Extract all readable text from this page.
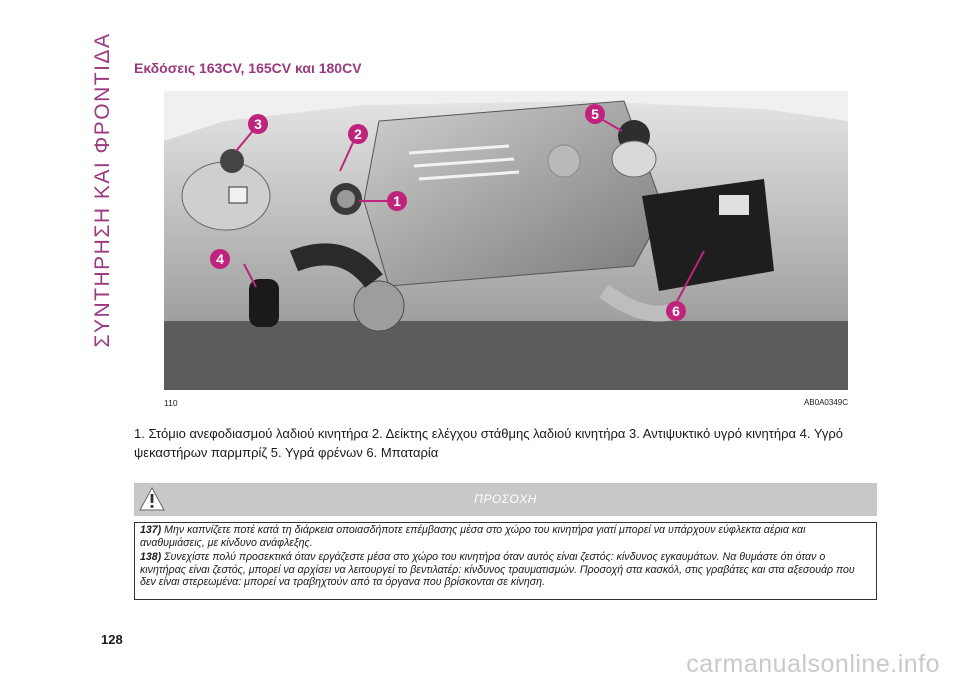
ΣΥΝΤΗΡΗΣΗ ΚΑΙ ΦΡΟΝΤΙΔΑ Εκδόσεις 163CV, 165CV και 180CV
1
2
3
4
5
6
110	AB0A0349C
1. Στόμιο ανεφοδιασμού λαδιού κινητήρα 2. Δείκτης ελέγχου στάθμης λαδιού κινητήρα 3. Αντιψυκτικό υγρό κινητήρα 4. Υγρό ψεκαστήρων παρμπρίζ 5. Υγρά φρένων 6. Μπαταρία
ΠΡΟΣΟΧΗ

137) Μην καπνίζετε ποτέ κατά τη διάρκεια οποιασδήποτε επέμβασης μέσα στο χώρο του κινητήρα γιατί μπορεί να υπάρχουν εύφλεκτα αέρια και αναθυμιάσεις, με κίνδυνο ανάφλεξης.

138) Συνεχίστε πολύ προσεκτικά όταν εργάζεστε μέσα στο χώρο του κινητήρα όταν αυτός είναι ζεστός: κίνδυνος εγκαυμάτων. Να θυμάστε ότι όταν ο κινητήρας είναι ζεστός, μπορεί να αρχίσει να λειτουργεί το βεντιλατέρ: κίνδυνος τραυματισμών. Προσοχή στα κασκόλ, στις γραβάτες και στα αξεσουάρ που δεν είναι στερεωμένα: μπορεί να τραβηχτούν από τα όργανα που βρίσκονται σε κίνηση.

128
carmanualsonline.info
